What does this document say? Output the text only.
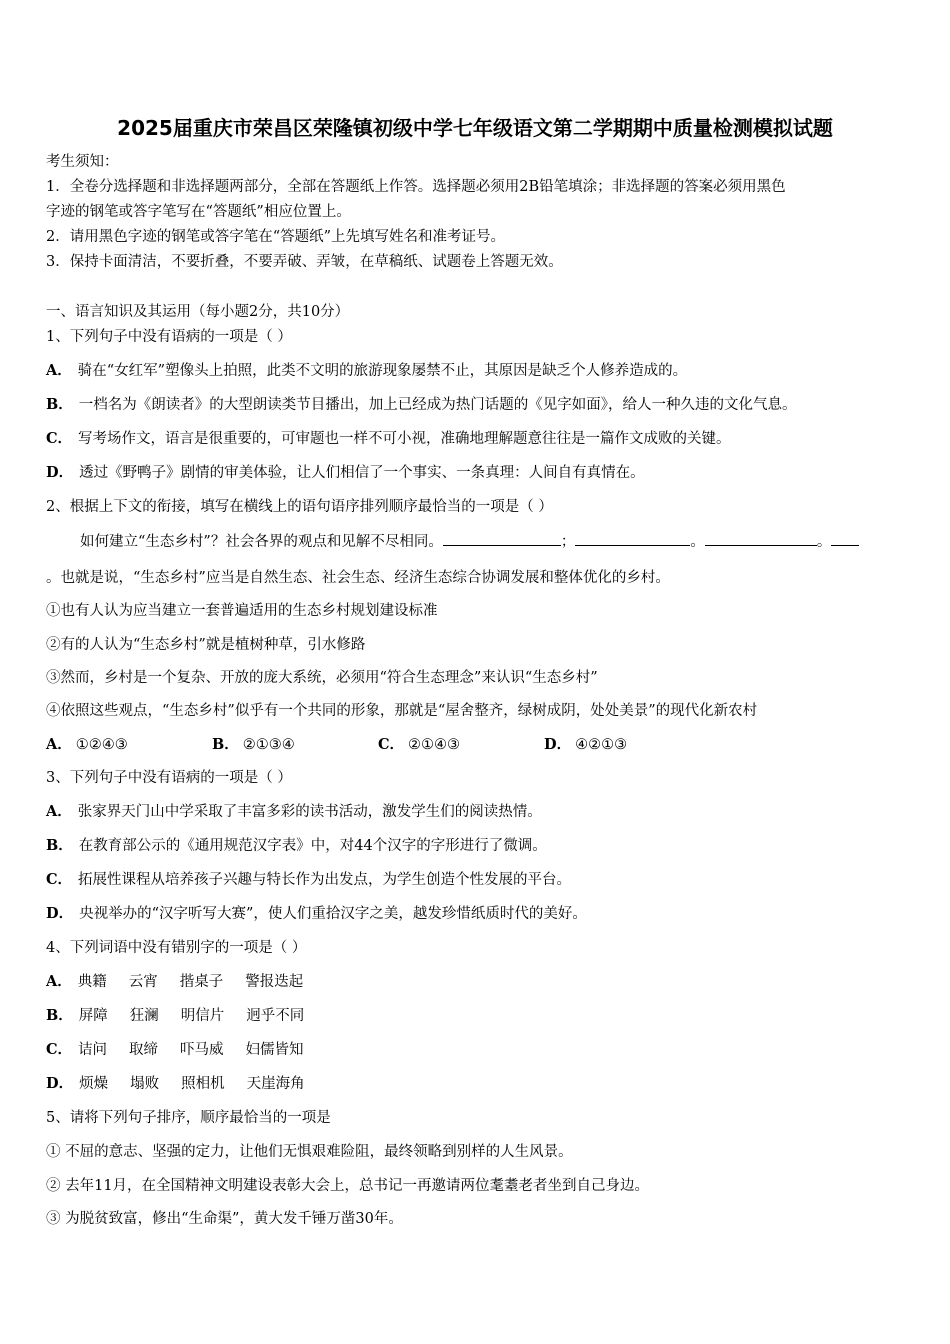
2025届重庆市荣昌区荣隆镇初级中学七年级语文第二学期期中质量检测模拟试题
考生须知：
1．全卷分选择题和非选择题两部分，全部在答题纸上作答。选择题必须用2B铅笔填涂；非选择题的答案必须用黑色
字迹的钢笔或答字笔写在“答题纸”相应位置上。
2．请用黑色字迹的钢笔或答字笔在“答题纸”上先填写姓名和准考证号。
3．保持卡面清洁，不要折叠，不要弄破、弄皱，在草稿纸、试题卷上答题无效。
一、语言知识及其运用（每小题2分，共10分）
1、下列句子中没有语病的一项是（ ）
A． 骑在“女红军”塑像头上拍照，此类不文明的旅游现象屡禁不止，其原因是缺乏个人修养造成的。
B． 一档名为《朗读者》的大型朗读类节目播出，加上已经成为热门话题的《见字如面》，给人一种久违的文化气息。
C． 写考场作文，语言是很重要的，可审题也一样不可小视，准确地理解题意往往是一篇作文成败的关键。
D． 透过《野鸭子》剧情的审美体验，让人们相信了一个事实、一条真理：人间自有真情在。
2、根据上下文的衔接，填写在横线上的语句语序排列顺序最恰当的一项是（ ）
如何建立“生态乡村”？社会各界的观点和见解不尽相同。	；	。	。
。也就是说，“生态乡村”应当是自然生态、社会生态、经济生态综合协调发展和整体优化的乡村。
①也有人认为应当建立一套普遍适用的生态乡村规划建设标准
②有的人认为“生态乡村”就是植树种草，引水修路
③然而，乡村是一个复杂、开放的庞大系统，必须用“符合生态理念”来认识“生态乡村”
④依照这些观点，“生态乡村”似乎有一个共同的形象，那就是“屋舍整齐，绿树成阴，处处美景”的现代化新农村
A． ①②④③	B． ②①③④	C． ②①④③	D． ④②①③
3、下列句子中没有语病的一项是（ ）
A． 张家界天门山中学采取了丰富多彩的读书活动，激发学生们的阅读热情。
B． 在教育部公示的《通用规范汉字表》中，对44个汉字的字形进行了微调。
C． 拓展性课程从培养孩子兴趣与特长作为出发点，为学生创造个性发展的平台。
D． 央视举办的“汉字听写大赛”，使人们重拾汉字之美，越发珍惜纸质时代的美好。
4、下列词语中没有错别字的一项是（ ）
A． 典籍 云宵 揩桌子 警报迭起
B． 屏障 狂澜 明信片 迥乎不同
C． 诘问 取缔 吓马威 妇儒皆知
D． 烦燥 塌败 照相机 天崖海角
5、请将下列句子排序，顺序最恰当的一项是
① 不屈的意志、坚强的定力，让他们无惧艰难险阻，最终领略到别样的人生风景。
② 去年11月，在全国精神文明建设表彰大会上，总书记一再邀请两位耄耋老者坐到自己身边。
③ 为脱贫致富，修出“生命渠”，黄大发千锤万凿30年。
